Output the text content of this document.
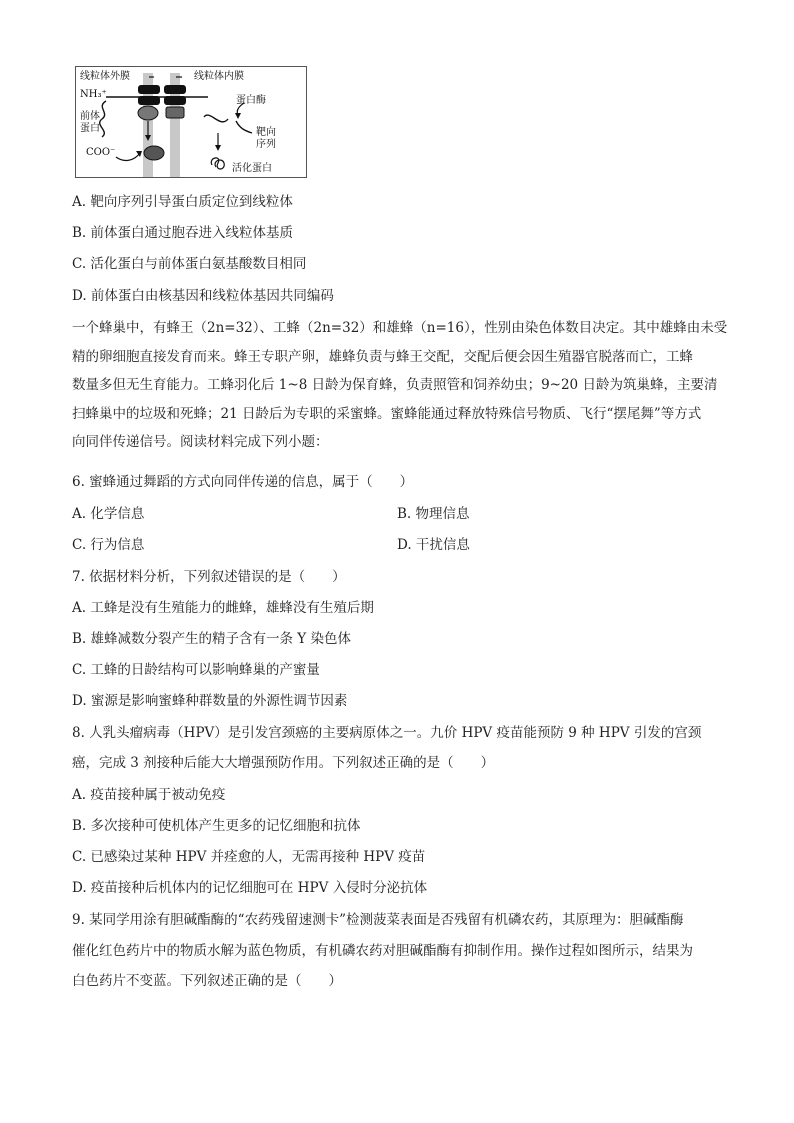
线粒体外膜	线粒体内膜
NH₃⁺
前体
蛋白
COO⁻
蛋白酶
靶向
序列
活化蛋白
A. 靶向序列引导蛋白质定位到线粒体
B. 前体蛋白通过胞吞进入线粒体基质
C. 活化蛋白与前体蛋白氨基酸数目相同
D. 前体蛋白由核基因和线粒体基因共同编码
一个蜂巢中，有蜂王（2n=32）、工蜂（2n=32）和雄蜂（n=16），性别由染色体数目决定。其中雄蜂由未受
精的卵细胞直接发育而来。蜂王专职产卵，雄蜂负责与蜂王交配，交配后便会因生殖器官脱落而亡，工蜂
数量多但无生育能力。工蜂羽化后 1~8 日龄为保育蜂，负责照管和饲养幼虫；9~20 日龄为筑巢蜂，主要清
扫蜂巢中的垃圾和死蜂；21 日龄后为专职的采蜜蜂。蜜蜂能通过释放特殊信号物质、飞行“摆尾舞”等方式
向同伴传递信号。阅读材料完成下列小题：
6. 蜜蜂通过舞蹈的方式向同伴传递的信息，属于（　　）
A. 化学信息	B. 物理信息
C. 行为信息	D. 干扰信息
7. 依据材料分析，下列叙述错误的是（　　）
A. 工蜂是没有生殖能力的雌蜂，雄蜂没有生殖后期
B. 雄蜂减数分裂产生的精子含有一条 Y 染色体
C. 工蜂的日龄结构可以影响蜂巢的产蜜量
D. 蜜源是影响蜜蜂种群数量的外源性调节因素
8. 人乳头瘤病毒（HPV）是引发宫颈癌的主要病原体之一。九价 HPV 疫苗能预防 9 种 HPV 引发的宫颈
癌，完成 3 剂接种后能大大增强预防作用。下列叙述正确的是（　　）
A. 疫苗接种属于被动免疫
B. 多次接种可使机体产生更多的记忆细胞和抗体
C. 已感染过某种 HPV 并痊愈的人，无需再接种 HPV 疫苗
D. 疫苗接种后机体内的记忆细胞可在 HPV 入侵时分泌抗体
9. 某同学用涂有胆碱酯酶的“农药残留速测卡”检测菠菜表面是否残留有机磷农药，其原理为：胆碱酯酶
催化红色药片中的物质水解为蓝色物质，有机磷农药对胆碱酯酶有抑制作用。操作过程如图所示，结果为
白色药片不变蓝。下列叙述正确的是（　　）
